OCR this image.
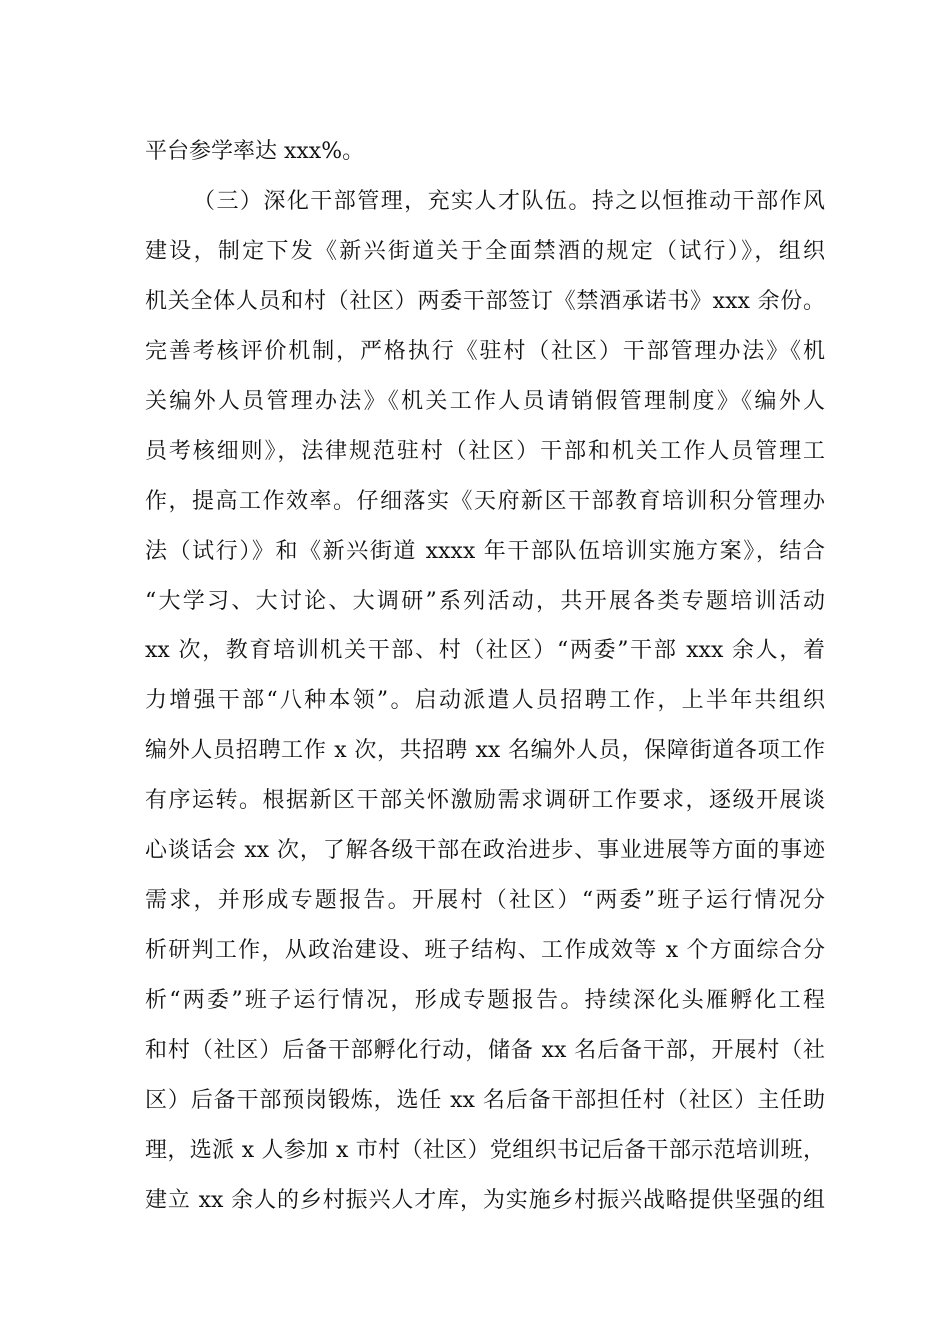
平台参学率达 xxx%。
（三）深化干部管理，充实人才队伍。持之以恒推动干部作风
建设，制定下发《新兴街道关于全面禁酒的规定（试行）》，组织
机关全体人员和村（社区）两委干部签订《禁酒承诺书》xxx 余份。
完善考核评价机制，严格执行《驻村（社区）干部管理办法》《机
关编外人员管理办法》《机关工作人员请销假管理制度》《编外人
员考核细则》，法律规范驻村（社区）干部和机关工作人员管理工
作，提高工作效率。仔细落实《天府新区干部教育培训积分管理办
法（试行）》和《新兴街道 xxxx 年干部队伍培训实施方案》，结合
“大学习、大讨论、大调研”系列活动，共开展各类专题培训活动
xx 次，教育培训机关干部、村（社区）“两委”干部 xxx 余人，着
力增强干部“八种本领”。启动派遣人员招聘工作，上半年共组织
编外人员招聘工作 x 次，共招聘 xx 名编外人员，保障街道各项工作
有序运转。根据新区干部关怀激励需求调研工作要求，逐级开展谈
心谈话会 xx 次，了解各级干部在政治进步、事业进展等方面的事迹
需求，并形成专题报告。开展村（社区）“两委”班子运行情况分
析研判工作，从政治建设、班子结构、工作成效等 x 个方面综合分
析“两委”班子运行情况，形成专题报告。持续深化头雁孵化工程
和村（社区）后备干部孵化行动，储备 xx 名后备干部，开展村（社
区）后备干部预岗锻炼，选任 xx 名后备干部担任村（社区）主任助
理，选派 x 人参加 x 市村（社区）党组织书记后备干部示范培训班，
建立 xx 余人的乡村振兴人才库，为实施乡村振兴战略提供坚强的组
